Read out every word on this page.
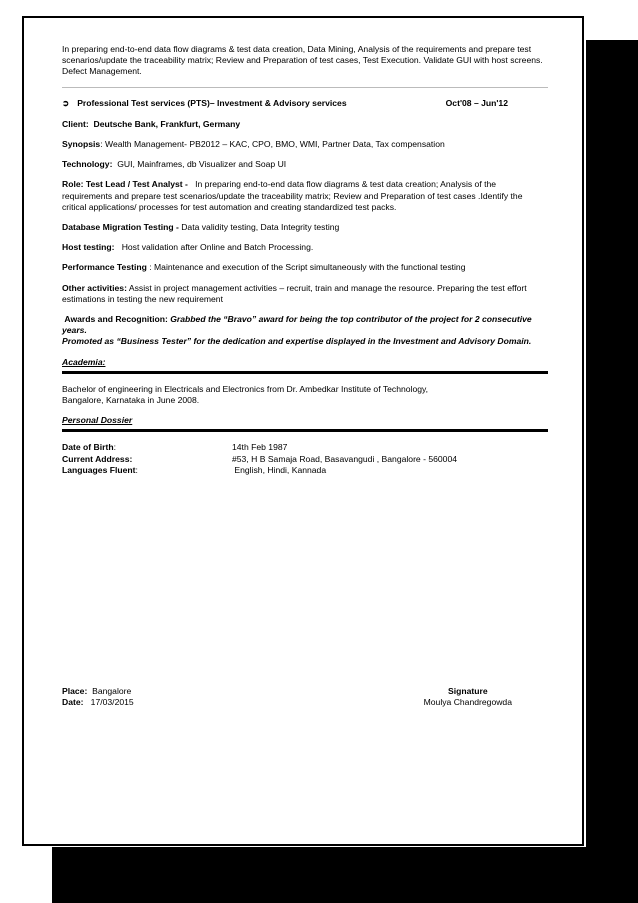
In preparing end-to-end data flow diagrams & test data creation, Data Mining, Analysis of the requirements and prepare test scenarios/update the traceability matrix; Review and Preparation of test cases, Test Execution. Validate GUI with host screens. Defect Management.

➲ Professional Test services (PTS)– Investment & Advisory services	Oct'08 – Jun'12

Client: Deutsche Bank, Frankfurt, Germany

Synopsis: Wealth Management- PB2012 – KAC, CPO, BMO, WMI, Partner Data, Tax compensation

Technology: GUI, Mainframes, db Visualizer and Soap UI

Role: Test Lead / Test Analyst - In preparing end-to-end data flow diagrams & test data creation; Analysis of the requirements and prepare test scenarios/update the traceability matrix; Review and Preparation of test cases .Identify the critical applications/ processes for test automation and creating standardized test packs.

Database Migration Testing - Data validity testing, Data Integrity testing

Host testing: Host validation after Online and Batch Processing.

Performance Testing : Maintenance and execution of the Script simultaneously with the functional testing

Other activities: Assist in project management activities – recruit, train and manage the resource. Preparing the test effort estimations in testing the new requirement

Awards and Recognition: Grabbed the “Bravo” award for being the top contributor of the project for 2 consecutive years.
Promoted as “Business Tester” for the dedication and expertise displayed in the Investment and Advisory Domain.

Academia:

Bachelor of engineering in Electricals and Electronics from Dr. Ambedkar Institute of Technology,
Bangalore, Karnataka in June 2008.

Personal Dossier
Date of Birth:	14th Feb 1987
Current Address:	#53, H B Samaja Road, Basavangudi , Bangalore - 560004
Languages Fluent:	English, Hindi, Kannada
Place: Bangalore
Date: 17/03/2015
Signature
Moulya Chandregowda
